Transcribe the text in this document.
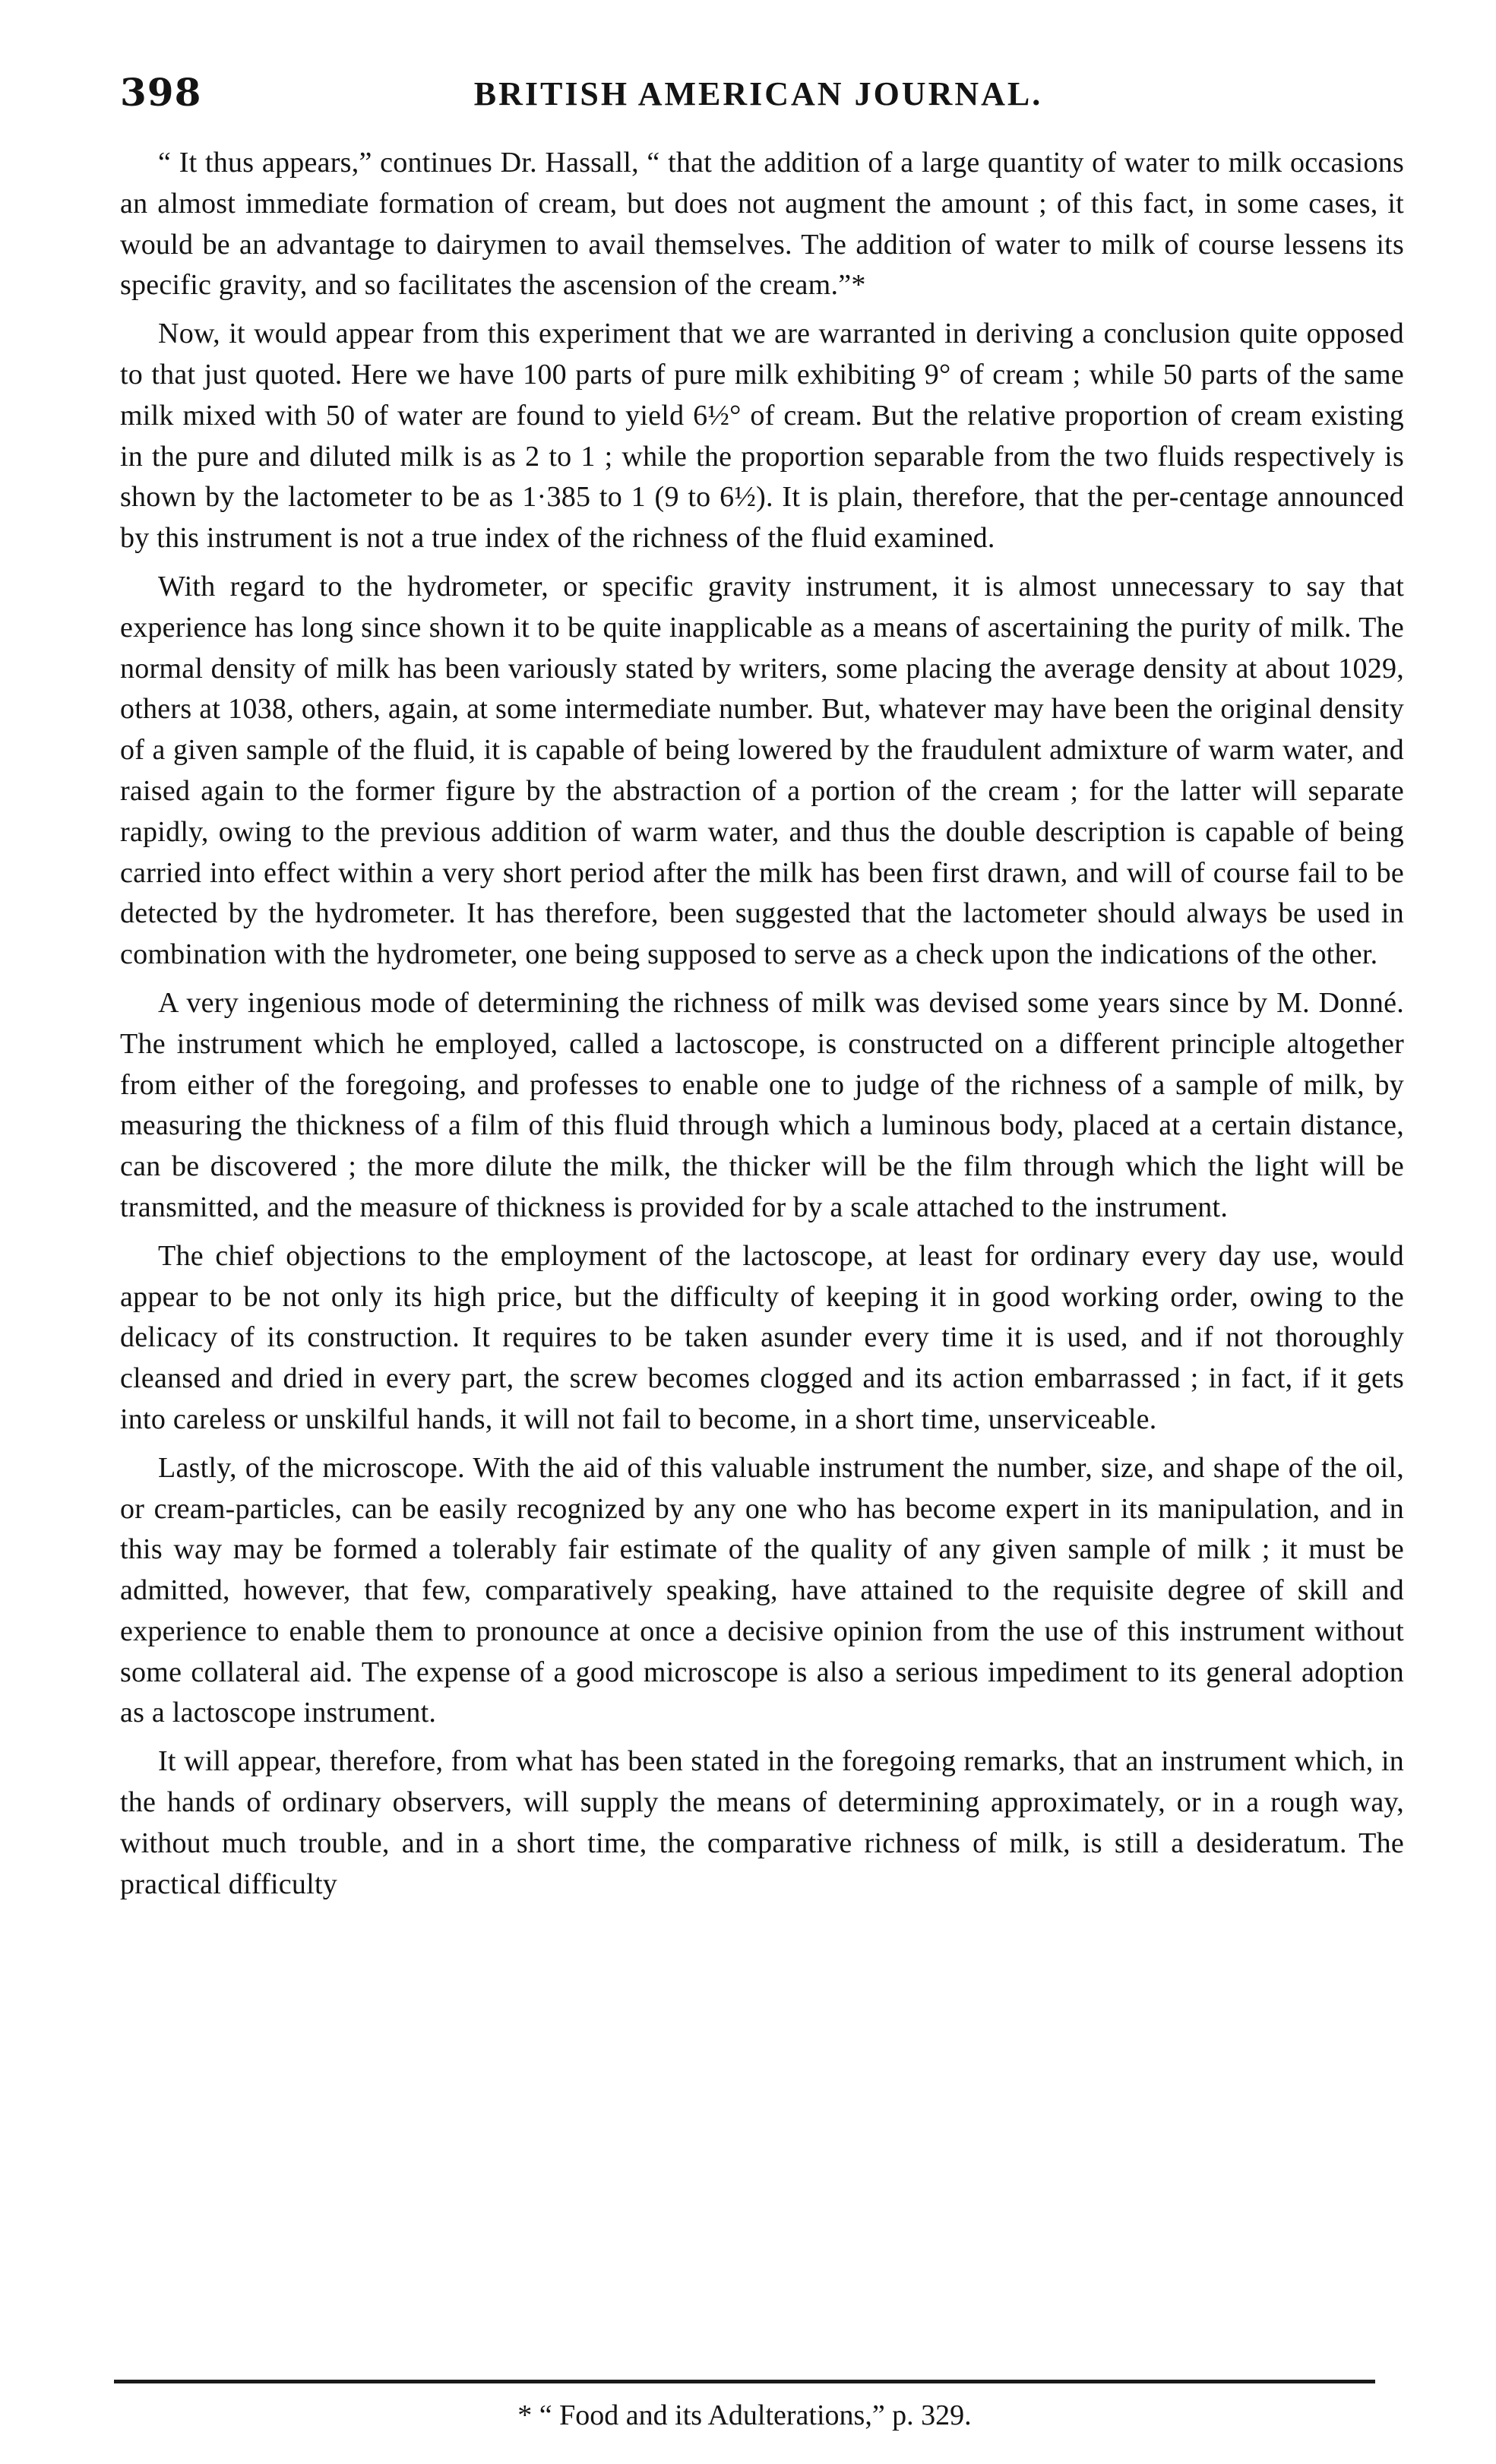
398	BRITISH AMERICAN JOURNAL.

“ It thus appears,” continues Dr. Hassall, “ that the addition of a large quantity of water to milk occasions an almost immediate formation of cream, but does not augment the amount ; of this fact, in some cases, it would be an advantage to dairymen to avail themselves. The addition of water to milk of course lessens its specific gravity, and so facilitates the ascension of the cream.”*

Now, it would appear from this experiment that we are warranted in deriving a conclusion quite opposed to that just quoted. Here we have 100 parts of pure milk exhibiting 9° of cream ; while 50 parts of the same milk mixed with 50 of water are found to yield 6½° of cream. But the relative proportion of cream existing in the pure and diluted milk is as 2 to 1 ; while the proportion separable from the two fluids respectively is shown by the lactometer to be as 1·385 to 1 (9 to 6½). It is plain, therefore, that the per-centage announced by this instrument is not a true index of the richness of the fluid examined.

With regard to the hydrometer, or specific gravity instrument, it is almost unnecessary to say that experience has long since shown it to be quite inapplicable as a means of ascertaining the purity of milk. The normal density of milk has been variously stated by writers, some placing the average density at about 1029, others at 1038, others, again, at some intermediate number. But, whatever may have been the original density of a given sample of the fluid, it is capable of being lowered by the fraudulent admixture of warm water, and raised again to the former figure by the abstraction of a portion of the cream ; for the latter will separate rapidly, owing to the previous addition of warm water, and thus the double description is capable of being carried into effect within a very short period after the milk has been first drawn, and will of course fail to be detected by the hydrometer. It has therefore, been suggested that the lactometer should always be used in combination with the hydrometer, one being supposed to serve as a check upon the indications of the other.

A very ingenious mode of determining the richness of milk was devised some years since by M. Donné. The instrument which he employed, called a lactoscope, is constructed on a different principle altogether from either of the foregoing, and professes to enable one to judge of the richness of a sample of milk, by measuring the thickness of a film of this fluid through which a luminous body, placed at a certain distance, can be discovered ; the more dilute the milk, the thicker will be the film through which the light will be transmitted, and the measure of thickness is provided for by a scale attached to the instrument.

The chief objections to the employment of the lactoscope, at least for ordinary every day use, would appear to be not only its high price, but the difficulty of keeping it in good working order, owing to the delicacy of its construction. It requires to be taken asunder every time it is used, and if not thoroughly cleansed and dried in every part, the screw becomes clogged and its action embarrassed ; in fact, if it gets into careless or unskilful hands, it will not fail to become, in a short time, unserviceable.

Lastly, of the microscope. With the aid of this valuable instrument the number, size, and shape of the oil, or cream-particles, can be easily recognized by any one who has become expert in its manipulation, and in this way may be formed a tolerably fair estimate of the quality of any given sample of milk ; it must be admitted, however, that few, comparatively speaking, have attained to the requisite degree of skill and experience to enable them to pronounce at once a decisive opinion from the use of this instrument without some collateral aid. The expense of a good microscope is also a serious impediment to its general adoption as a lactoscope instrument.

It will appear, therefore, from what has been stated in the foregoing remarks, that an instrument which, in the hands of ordinary observers, will supply the means of determining approximately, or in a rough way, without much trouble, and in a short time, the comparative richness of milk, is still a desideratum. The practical difficulty

* “ Food and its Adulterations,” p. 329.
